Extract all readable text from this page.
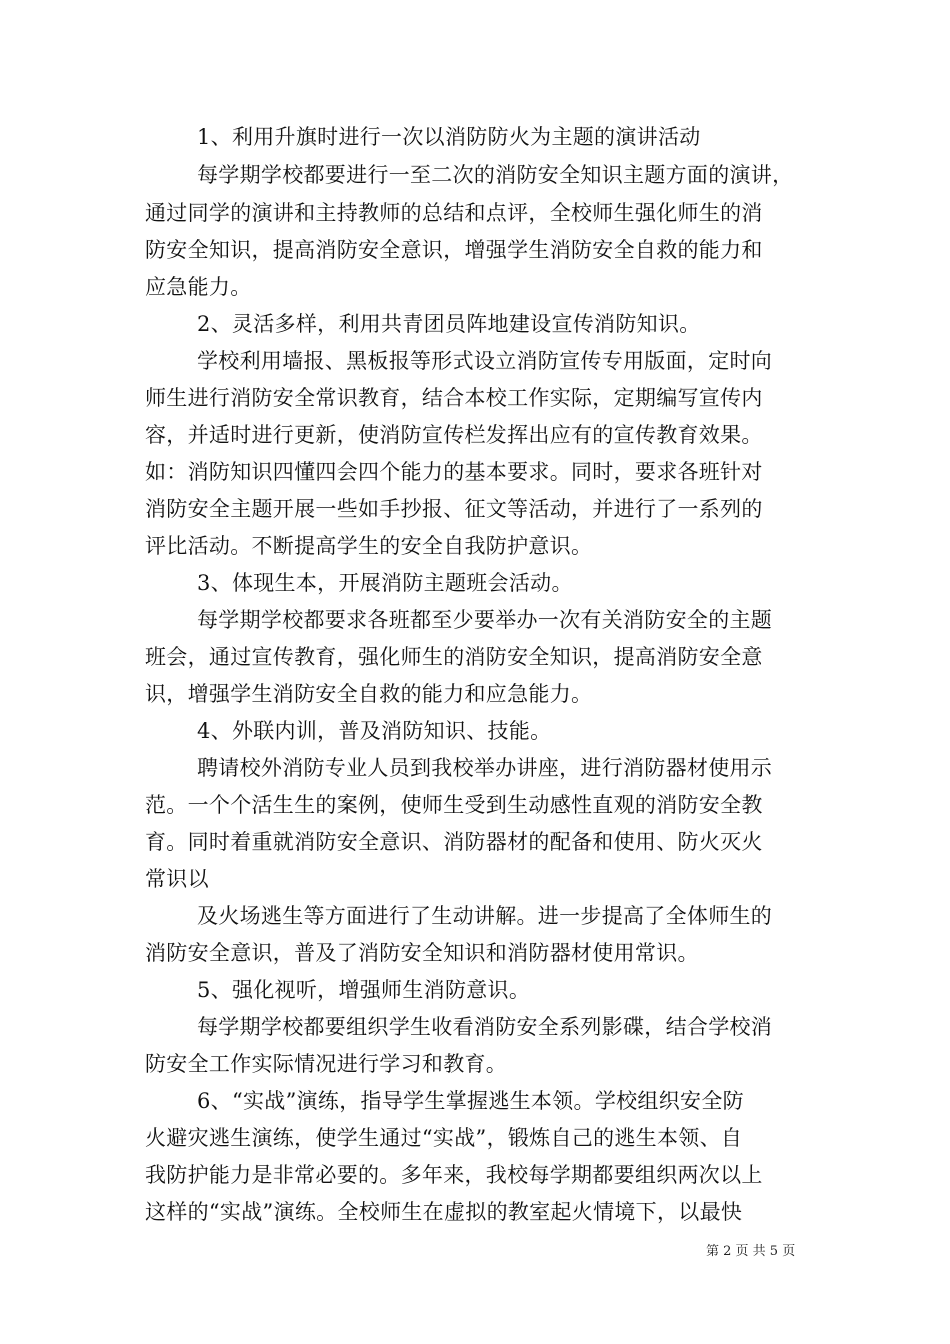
1、利用升旗时进行一次以消防防火为主题的演讲活动
每学期学校都要进行一至二次的消防安全知识主题方面的演讲，
通过同学的演讲和主持教师的总结和点评，全校师生强化师生的消
防安全知识，提高消防安全意识，增强学生消防安全自救的能力和
应急能力。
2、灵活多样，利用共青团员阵地建设宣传消防知识。
学校利用墙报、黑板报等形式设立消防宣传专用版面，定时向
师生进行消防安全常识教育，结合本校工作实际，定期编写宣传内
容，并适时进行更新，使消防宣传栏发挥出应有的宣传教育效果。
如：消防知识四懂四会四个能力的基本要求。同时，要求各班针对
消防安全主题开展一些如手抄报、征文等活动，并进行了一系列的
评比活动。不断提高学生的安全自我防护意识。
3、体现生本，开展消防主题班会活动。
每学期学校都要求各班都至少要举办一次有关消防安全的主题
班会，通过宣传教育，强化师生的消防安全知识，提高消防安全意
识，增强学生消防安全自救的能力和应急能力。
4、外联内训，普及消防知识、技能。
聘请校外消防专业人员到我校举办讲座，进行消防器材使用示
范。一个个活生生的案例，使师生受到生动感性直观的消防安全教
育。同时着重就消防安全意识、消防器材的配备和使用、防火灭火
常识以
及火场逃生等方面进行了生动讲解。进一步提高了全体师生的
消防安全意识，普及了消防安全知识和消防器材使用常识。
5、强化视听，增强师生消防意识。
每学期学校都要组织学生收看消防安全系列影碟，结合学校消
防安全工作实际情况进行学习和教育。
6、“实战”演练，指导学生掌握逃生本领。学校组织安全防
火避灾逃生演练，使学生通过“实战”，锻炼自己的逃生本领、自
我防护能力是非常必要的。多年来，我校每学期都要组织两次以上
这样的“实战”演练。全校师生在虚拟的教室起火情境下，以最快
第 2 页 共 5 页
